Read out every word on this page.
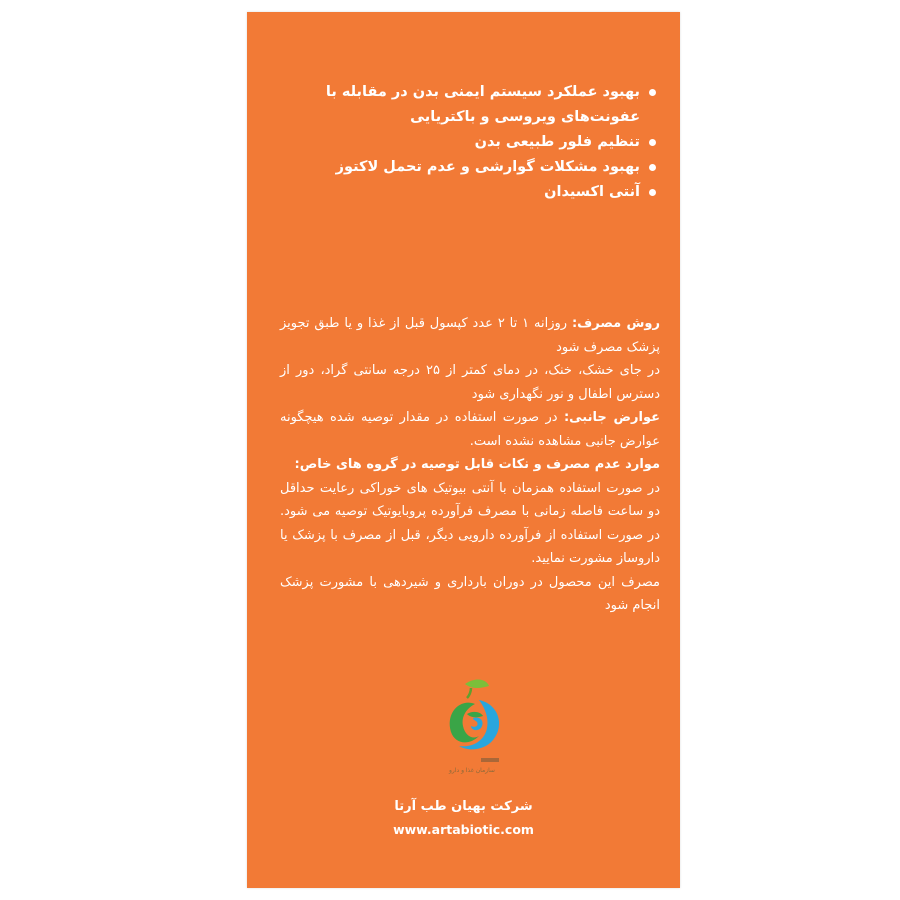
بهبود عملکرد سیستم ایمنی بدن در مقابله با عفونت‌های ویروسی و باکتریایی
تنظیم فلور طبیعی بدن
بهبود مشکلات گوارشی و عدم تحمل لاکتوز
آنتی اکسیدان

روش مصرف: روزانه ۱ تا ۲ عدد کپسول قبل از غذا و یا طبق تجویز پزشک مصرف شود

در جای خشک، خنک، در دمای کمتر از ۲۵ درجه سانتی گراد، دور از دسترس اطفال و نور نگهداری شود

عوارض جانبی: در صورت استفاده در مقدار توصیه شده هیچگونه عوارض جانبی مشاهده نشده است.

موارد عدم مصرف و نکات قابل توصیه در گروه های خاص:

در صورت استفاده همزمان با آنتی بیوتیک های خوراکی رعایت حداقل دو ساعت فاصله زمانی با مصرف فرآورده پروبایوتیک توصیه می شود. در صورت استفاده از فرآورده دارویی دیگر، قبل از مصرف با پزشک یا داروساز مشورت نمایید.

مصرف این محصول در دوران بارداری و شیردهی با مشورت پزشک انجام شود

سازمان غذا و دارو
شرکت بهیان طب آرتا
www.artabiotic.com
